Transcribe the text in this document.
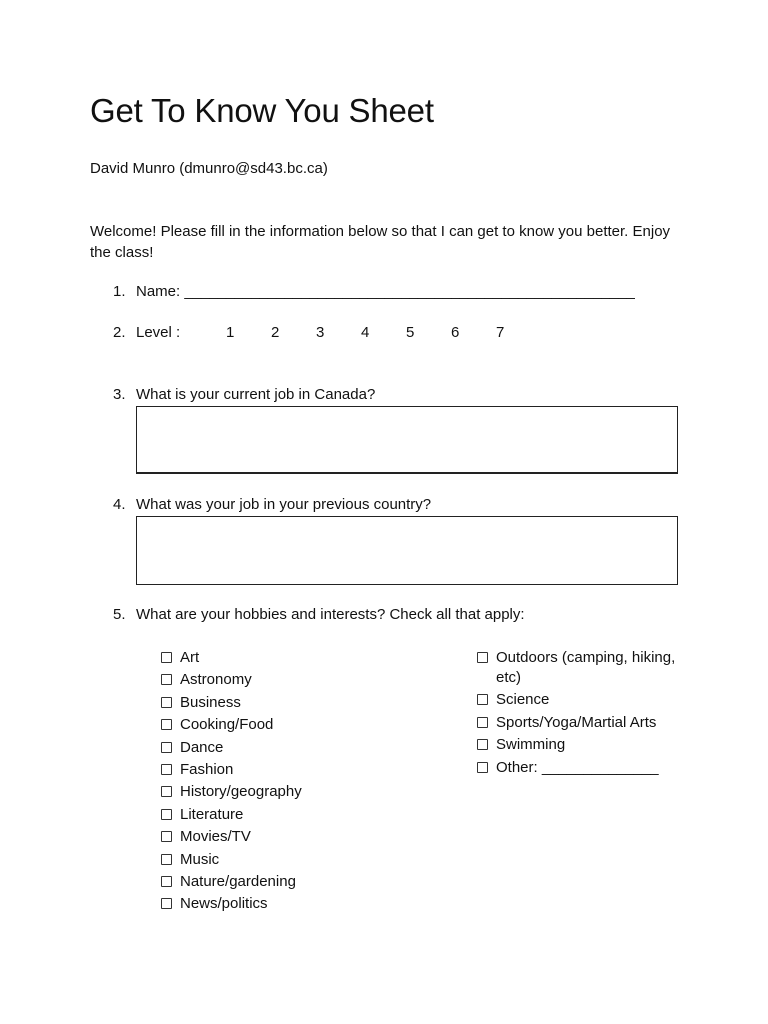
Get To Know You Sheet
David Munro (dmunro@sd43.bc.ca)
Welcome! Please fill in the information below so that I can get to know you better. Enjoy the class!
1. Name: ______________________________________________________
2. Level :	1 2 3 4 5 6 7
3. What is your current job in Canada?
4. What was your job in your previous country?
5. What are your hobbies and interests? Check all that apply:
Art
Astronomy
Business
Cooking/Food
Dance
Fashion
History/geography
Literature
Movies/TV
Music
Nature/gardening
News/politics
Outdoors (camping, hiking, etc)
Science
Sports/Yoga/Martial Arts
Swimming
Other: ______________
